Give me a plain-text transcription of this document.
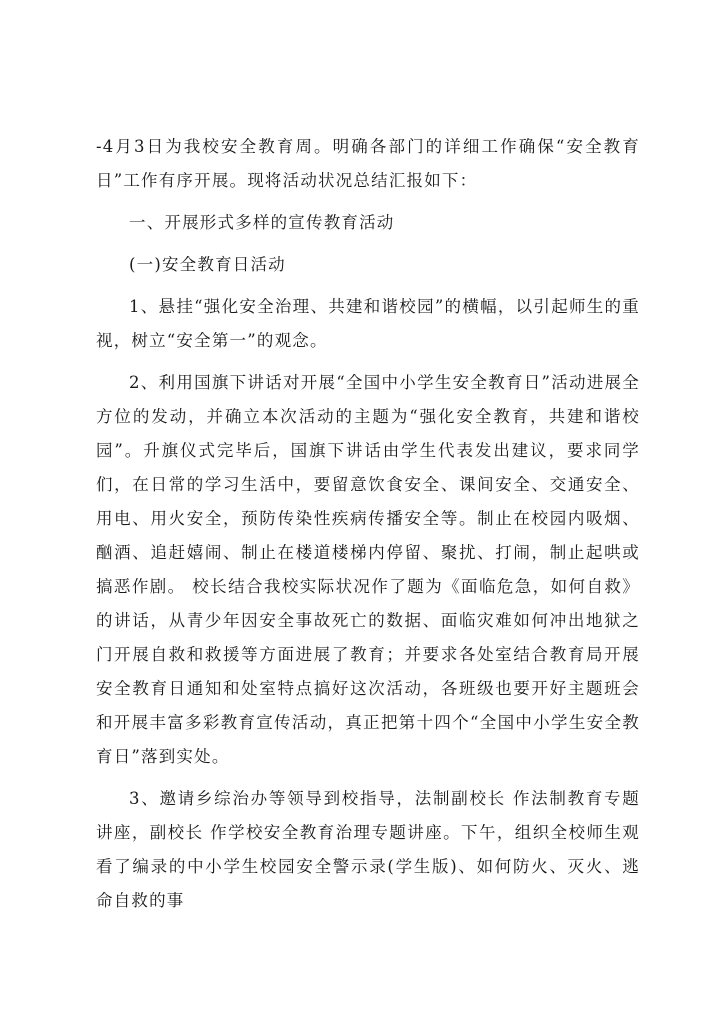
-4月3日为我校安全教育周。明确各部门的详细工作确保“安全教育日”工作有序开展。现将活动状况总结汇报如下：

一、开展形式多样的宣传教育活动

(一)安全教育日活动

1、悬挂“强化安全治理、共建和谐校园”的横幅，以引起师生的重视，树立“安全第一”的观念。

2、利用国旗下讲话对开展“全国中小学生安全教育日”活动进展全方位的发动，并确立本次活动的主题为“强化安全教育，共建和谐校园”。升旗仪式完毕后，国旗下讲话由学生代表发出建议，要求同学们，在日常的学习生活中，要留意饮食安全、课间安全、交通安全、用电、用火安全，预防传染性疾病传播安全等。制止在校园内吸烟、酗酒、追赶嬉闹、制止在楼道楼梯内停留、聚扰、打闹，制止起哄或搞恶作剧。 校长结合我校实际状况作了题为《面临危急，如何自救》的讲话，从青少年因安全事故死亡的数据、面临灾难如何冲出地狱之门开展自救和救援等方面进展了教育；并要求各处室结合教育局开展安全教育日通知和处室特点搞好这次活动，各班级也要开好主题班会和开展丰富多彩教育宣传活动，真正把第十四个“全国中小学生安全教育日”落到实处。

3、邀请乡综治办等领导到校指导，法制副校长 作法制教育专题讲座，副校长 作学校安全教育治理专题讲座。下午，组织全校师生观看了编录的中小学生校园安全警示录(学生版)、如何防火、灭火、逃命自救的事
